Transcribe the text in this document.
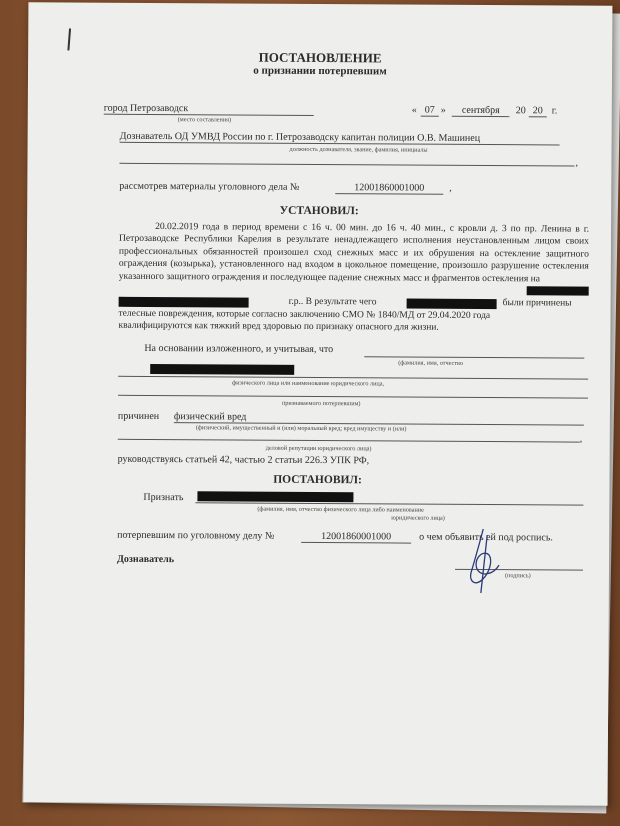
ПОСТАНОВЛЕНИЕ
о признании потерпевшим
город Петрозаводск
(место составления)
« 07 »	сентября	20 20 г.
Дознаватель ОД УМВД России по г. Петрозаводску капитан полиции О.В. Машинец
должность дознавателя, звание, фамилия, инициалы
,
рассмотрев материалы уголовного дела №	12001860001000	,
УСТАНОВИЛ:
20.02.2019 года в период времени с 16 ч. 00 мин. до 16 ч. 40 мин., с кровли д. 3 по пр. Ленина в г. Петрозаводске Республики Карелия в результате ненадлежащего исполнения неустановленным лицом своих профессиональных обязанностей произошел сход снежных масс и их обрушения на остекление защитного ограждения (козырька), установленного над входом в цокольное помещение, произошло разрушение остекления указанного защитного ограждения и последующее падение снежных масс и фрагментов остекления на
г.р.. В результате чего	были причинены
телесные повреждения, которые согласно заключению СМО № 1840/МД от 29.04.2020 года
квалифицируются как тяжкий вред здоровью по признаку опасного для жизни.
На основании изложенного, и учитывая, что
(фамилия, имя, отчество
физического лица или наименование юридического лица,
признаваемого потерпевшим)
причинен физический вред
(физический, имущественный и (или) моральный вред; вред имуществу и (или)
,
деловой репутации юридического лица)
руководствуясь статьей 42, частью 2 статьи 226.3 УПК РФ,
ПОСТАНОВИЛ:
Признать
(фамилия, имя, отчество физического лица либо наименование
юридического лица)
потерпевшим по уголовному делу №	12001860001000	о чем объявить ей под роспись.
Дознаватель
(подпись)
